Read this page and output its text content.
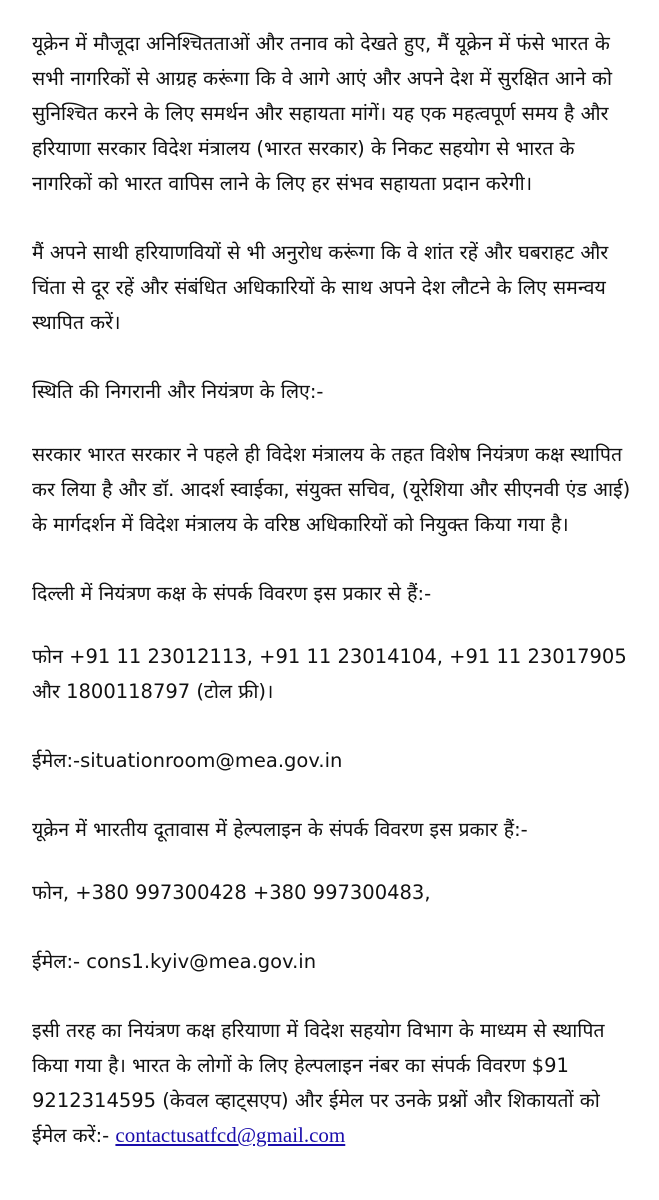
यूक्रेन में मौजूदा अनिश्चितताओं और तनाव को देखते हुए, मैं यूक्रेन में फंसे भारत के सभी नागरिकों से आग्रह करूंगा कि वे आगे आएं और अपने देश में सुरक्षित आने को सुनिश्चित करने के लिए समर्थन और सहायता मांगें। यह एक महत्वपूर्ण समय है और हरियाणा सरकार विदेश मंत्रालय (भारत सरकार) के निकट सहयोग से भारत के नागरिकों को भारत वापिस लाने के लिए हर संभव सहायता प्रदान करेगी।

मैं अपने साथी हरियाणवियों से भी अनुरोध करूंगा कि वे शांत रहें और घबराहट और चिंता से दूर रहें और संबंधित अधिकारियों के साथ अपने देश लौटने के लिए समन्वय स्थापित करें।

स्थिति की निगरानी और नियंत्रण के लिए:-

सरकार भारत सरकार ने पहले ही विदेश मंत्रालय के तहत विशेष नियंत्रण कक्ष स्थापित कर लिया है और डॉ. आदर्श स्वाईका, संयुक्त सचिव, (यूरेशिया और सीएनवी एंड आई) के मार्गदर्शन में विदेश मंत्रालय के वरिष्ठ अधिकारियों को नियुक्त किया गया है।

दिल्ली में नियंत्रण कक्ष के संपर्क विवरण इस प्रकार से हैं:-

फोन +91 11 23012113, +91 11 23014104, +91 11 23017905 और 1800118797 (टोल फ्री)।

ईमेल:-situationroom@mea.gov.in

यूक्रेन में भारतीय दूतावास में हेल्पलाइन के संपर्क विवरण इस प्रकार हैं:-

फोन, +380 997300428 +380 997300483,

ईमेल:- cons1.kyiv@mea.gov.in

इसी तरह का नियंत्रण कक्ष हरियाणा में विदेश सहयोग विभाग के माध्यम से स्थापित किया गया है। भारत के लोगों के लिए हेल्पलाइन नंबर का संपर्क विवरण $91 9212314595 (केवल व्हाट्सएप) और ईमेल पर उनके प्रश्नों और शिकायतों को ईमेल करें:- contactusatfcd@gmail.com
